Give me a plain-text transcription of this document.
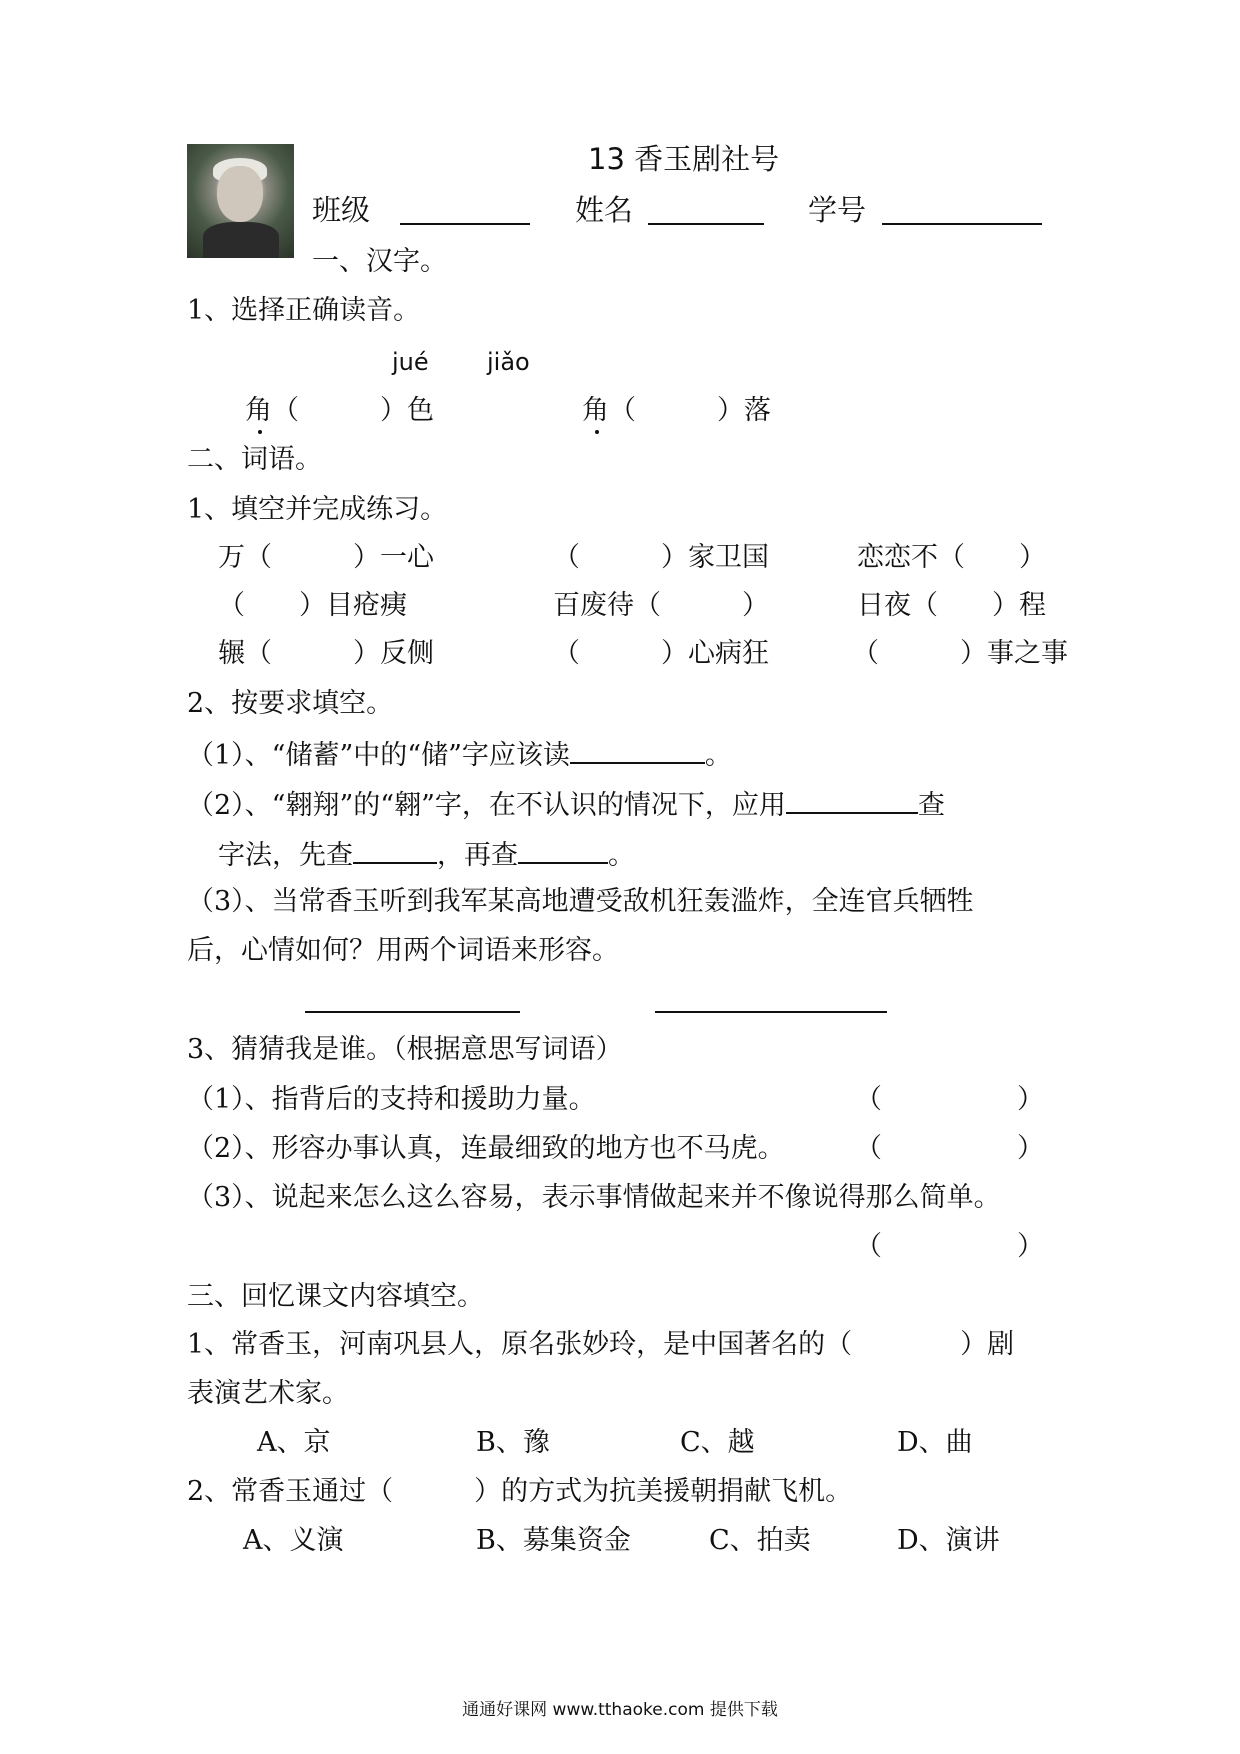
13 香玉剧社号
班级	姓名	学号
一、汉字。
1、选择正确读音。
jué jiǎo
角（　　　）色	角（　　　）落
二、词语。
1、填空并完成练习。
万（　　　）一心	（　　　）家卫国	恋恋不（　　）
（　　）目疮痍	百废待（　　　）	日夜（　　）程
辗（　　　）反侧	（　　　）心病狂	（　　　）事之事
2、按要求填空。
（1）、“储蓄”中的“储”字应该读	。
（2）、“翱翔”的“翱”字，在不认识的情况下，应用	查
字法，先查	，再查	。
（3）、当常香玉听到我军某高地遭受敌机狂轰滥炸，全连官兵牺牲
后，心情如何？用两个词语来形容。
3、猜猜我是谁。（根据意思写词语）
（1）、指背后的支持和援助力量。	（　　　　　）
（2）、形容办事认真，连最细致的地方也不马虎。	（　　　　　）
（3）、说起来怎么这么容易，表示事情做起来并不像说得那么简单。
（　　　　　）
三、回忆课文内容填空。
1、常香玉，河南巩县人，原名张妙玲，是中国著名的（　　　　）剧
表演艺术家。
A、京	B、豫	C、越	D、曲
2、常香玉通过（　　　）的方式为抗美援朝捐献飞机。
A、义演	B、募集资金	C、拍卖	D、演讲
通通好课网 www.tthaoke.com 提供下载
